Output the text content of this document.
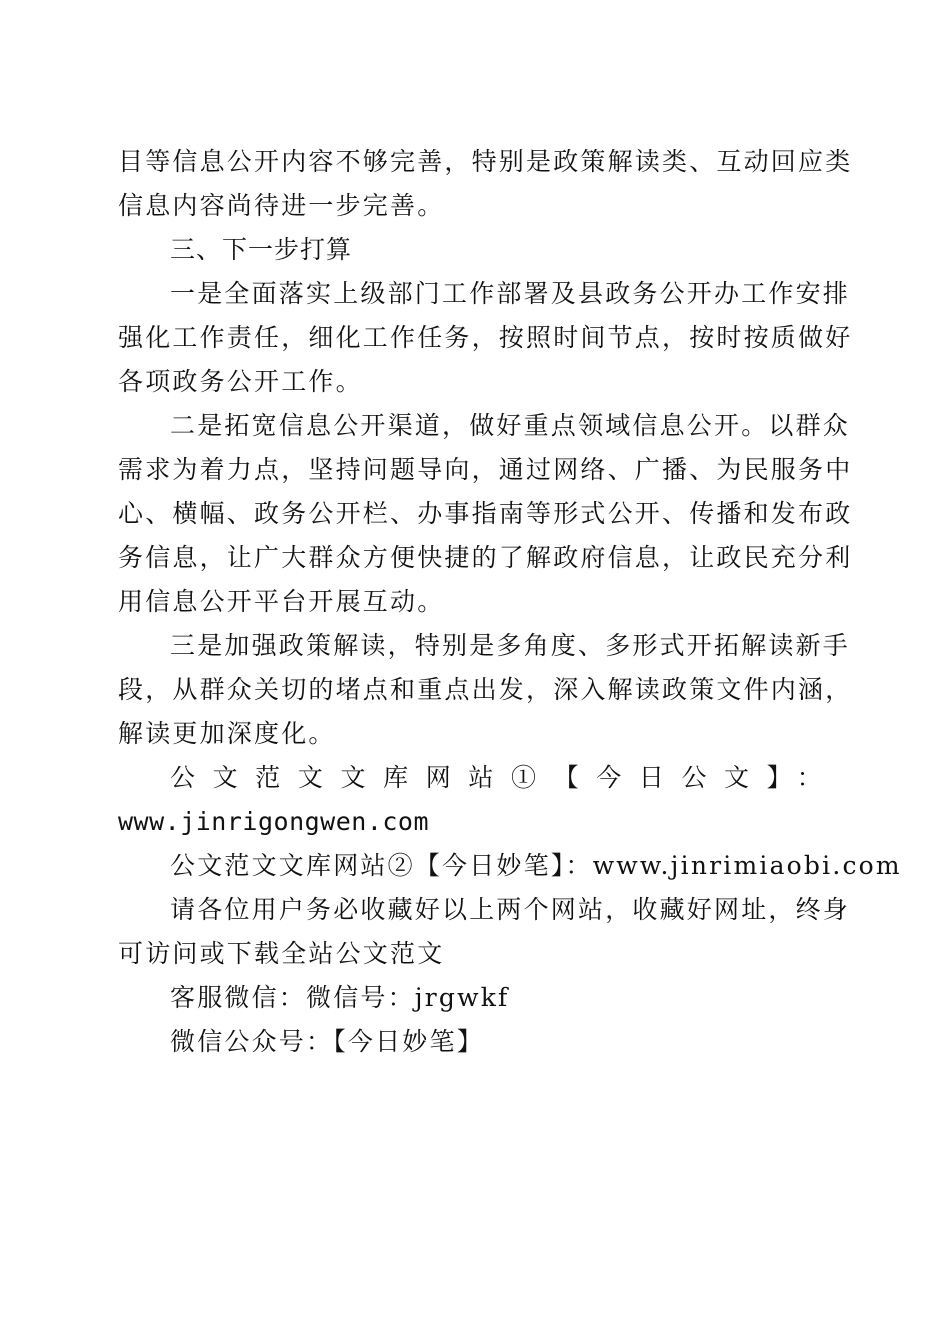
目等信息公开内容不够完善，特别是政策解读类、互动回应类
信息内容尚待进一步完善。
三、下一步打算
一是全面落实上级部门工作部署及县政务公开办工作安排
强化工作责任，细化工作任务，按照时间节点，按时按质做好
各项政务公开工作。
二是拓宽信息公开渠道，做好重点领域信息公开。以群众
需求为着力点，坚持问题导向，通过网络、广播、为民服务中
心、横幅、政务公开栏、办事指南等形式公开、传播和发布政
务信息，让广大群众方便快捷的了解政府信息，让政民充分利
用信息公开平台开展互动。
三是加强政策解读，特别是多角度、多形式开拓解读新手
段，从群众关切的堵点和重点出发，深入解读政策文件内涵，
解读更加深度化。
公文范文文库网站①【今日公文】：
www.jinrigongwen.com
公文范文文库网站②【今日妙笔】：www.jinrimiaobi.com
请各位用户务必收藏好以上两个网站，收藏好网址，终身
可访问或下载全站公文范文
客服微信：微信号：jrgwkf
微信公众号：【今日妙笔】
